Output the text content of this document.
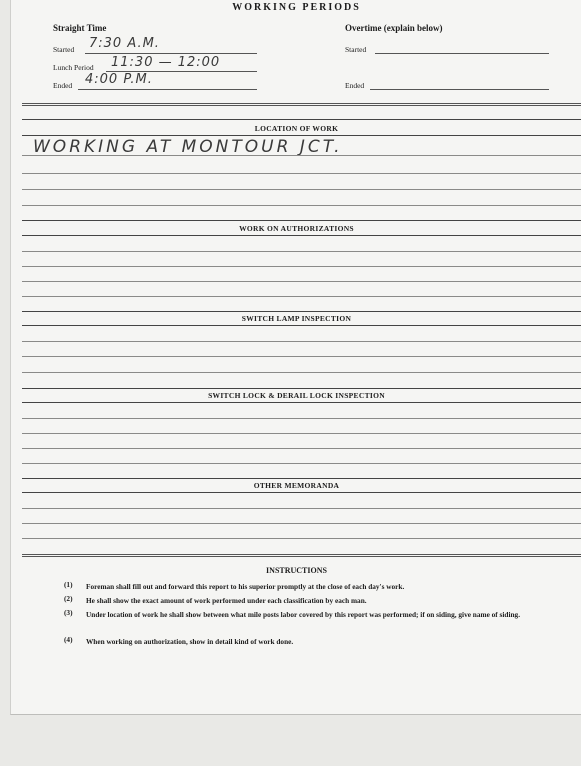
WORKING PERIODS
Straight Time
Started 7:30 A.M.
Lunch Period 11:30 — 12:00
Ended 4:00 P.M.
Overtime (explain below)
Started
Ended
LOCATION OF WORK
WORKING AT MONTOUR JCT.
WORK ON AUTHORIZATIONS
SWITCH LAMP INSPECTION
SWITCH LOCK & DERAIL LOCK INSPECTION
OTHER MEMORANDA
INSTRUCTIONS
(1) Foreman shall fill out and forward this report to his superior promptly at the close of each day's work.
(2) He shall show the exact amount of work performed under each classification by each man.
(3) Under location of work he shall show between what mile posts labor covered by this report was performed; if on siding, give name of siding.
(4) When working on authorization, show in detail kind of work done.
